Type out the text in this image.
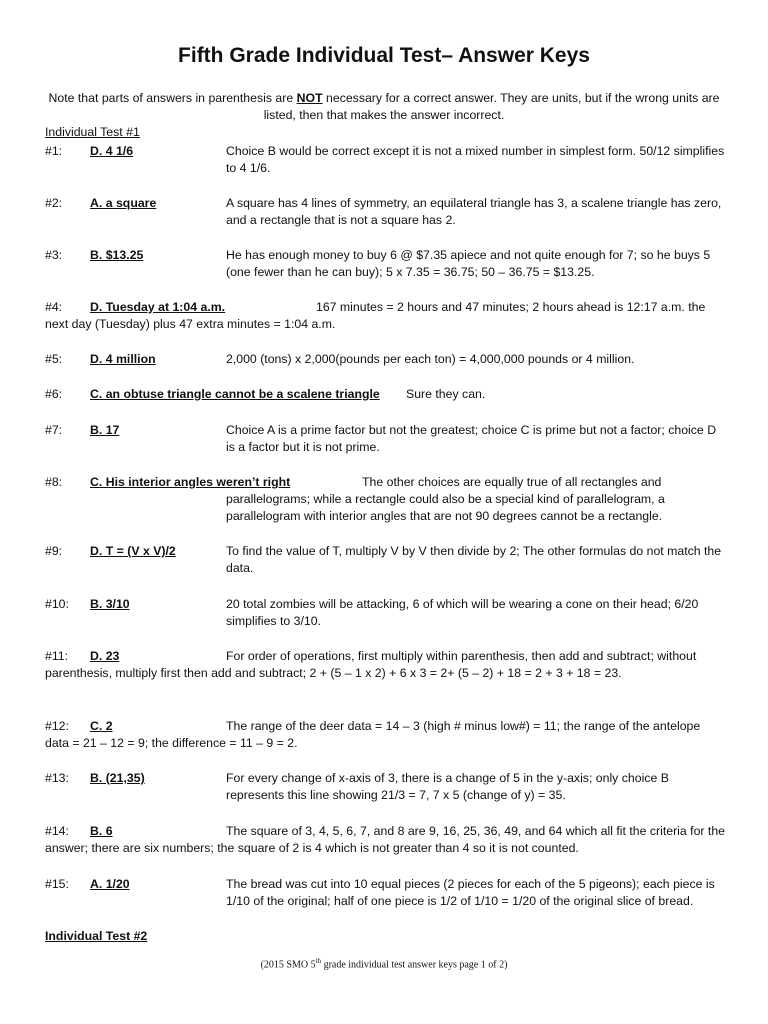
Fifth Grade Individual Test– Answer Keys
Note that parts of answers in parenthesis are NOT necessary for a correct answer. They are units, but if the wrong units are listed, then that makes the answer incorrect.
Individual Test #1
#1: D. 4 1/6	Choice B would be correct except it is not a mixed number in simplest form. 50/12 simplifies to 4 1/6.
#2: A. a square	A square has 4 lines of symmetry, an equilateral triangle has 3, a scalene triangle has zero, and a rectangle that is not a square has 2.
#3: B. $13.25	He has enough money to buy 6 @ $7.35 apiece and not quite enough for 7; so he buys 5 (one fewer than he can buy); 5 x 7.35 = 36.75; 50 – 36.75 = $13.25.
#4: D. Tuesday at 1:04 a.m.	167 minutes = 2 hours and 47 minutes; 2 hours ahead is 12:17 a.m. the next day (Tuesday) plus 47 extra minutes = 1:04 a.m.
#5: D. 4 million	2,000 (tons) x 2,000(pounds per each ton) = 4,000,000 pounds or 4 million.
#6: C. an obtuse triangle cannot be a scalene triangle	Sure they can.
#7: B. 17	Choice A is a prime factor but not the greatest; choice C is prime but not a factor; choice D is a factor but it is not prime.
#8: C. His interior angles weren’t right	The other choices are equally true of all rectangles and parallelograms; while a rectangle could also be a special kind of parallelogram, a parallelogram with interior angles that are not 90 degrees cannot be a rectangle.
#9: D. T = (V x V)/2	To find the value of T, multiply V by V then divide by 2; The other formulas do not match the data.
#10: B. 3/10	20 total zombies will be attacking, 6 of which will be wearing a cone on their head; 6/20 simplifies to 3/10.
#11: D. 23	For order of operations, first multiply within parenthesis, then add and subtract; without parenthesis, multiply first then add and subtract; 2 + (5 – 1 x 2) + 6 x 3 = 2+ (5 – 2) + 18 = 2 + 3 + 18 = 23.
#12: C. 2	The range of the deer data = 14 – 3 (high # minus low#) = 11; the range of the antelope data = 21 – 12 = 9; the difference = 11 – 9 = 2.
#13: B. (21,35)	For every change of x-axis of 3, there is a change of 5 in the y-axis; only choice B represents this line showing 21/3 = 7, 7 x 5 (change of y) = 35.
#14: B. 6	The square of 3, 4, 5, 6, 7, and 8 are 9, 16, 25, 36, 49, and 64 which all fit the criteria for the answer; there are six numbers; the square of 2 is 4 which is not greater than 4 so it is not counted.
#15: A. 1/20	The bread was cut into 10 equal pieces (2 pieces for each of the 5 pigeons); each piece is 1/10 of the original; half of one piece is 1/2 of 1/10 = 1/20 of the original slice of bread.
Individual Test #2
(2015 SMO 5th grade individual test answer keys page 1 of 2)
